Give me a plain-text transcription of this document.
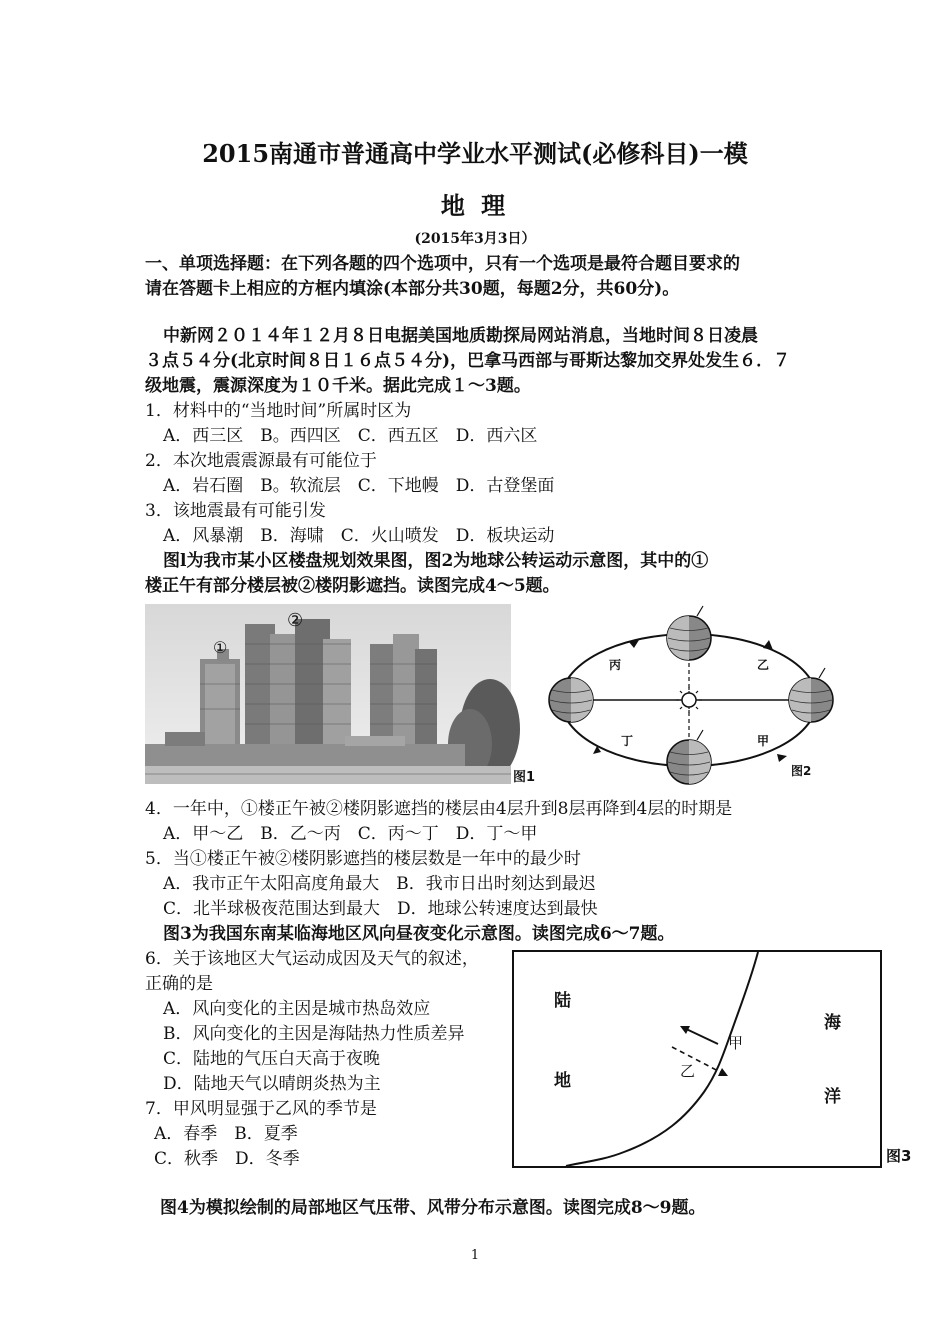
2015南通市普通高中学业水平测试(必修科目)一模
地 理
(2015年3月3日）
一、单项选择题：在下列各题的四个选项中，只有一个选项是最符合题目要求的
请在答题卡上相应的方框内填涂(本部分共30题，每题2分，共60分)。
中新网２０１４年１２月８日电据美国地质勘探局网站消息，当地时间８日凌晨
３点５４分(北京时间８日１６点５４分)，巴拿马西部与哥斯达黎加交界处发生６．７
级地震，震源深度为１０千米。据此完成１～3题。
1．材料中的“当地时间”所属时区为
A．西三区　B。西四区　C．西五区　D．西六区
2．本次地震震源最有可能位于
A．岩石圈　B。软流层　C．下地幔　D．古登堡面
3．该地震最有可能引发
A．风暴潮　B．海啸　C．火山喷发　D．板块运动
图l为我市某小区楼盘规划效果图，图2为地球公转运动示意图，其中的①
楼正午有部分楼层被②楼阴影遮挡。读图完成4～5题。
①
②
图1
丙	乙
丁	甲
图2
4．一年中，①楼正午被②楼阴影遮挡的楼层由4层升到8层再降到4层的时期是
A．甲～乙　B．乙～丙　C．丙～丁　D．丁～甲
5．当①楼正午被②楼阴影遮挡的楼层数是一年中的最少时
A．我市正午太阳高度角最大　B．我市日出时刻达到最迟
C．北半球极夜范围达到最大　D．地球公转速度达到最快
图3为我国东南某临海地区风向昼夜变化示意图。读图完成6～7题。
6．关于该地区大气运动成因及天气的叙述，
正确的是
A．风向变化的主因是城市热岛效应
B．风向变化的主因是海陆热力性质差异
C．陆地的气压白天高于夜晚
D．陆地天气以晴朗炎热为主
7．甲风明显强于乙风的季节是
A．春季　B．夏季
C．秋季　D．冬季
陆
地
海
洋
甲
乙
图3
图4为模拟绘制的局部地区气压带、风带分布示意图。读图完成8～9题。
1
